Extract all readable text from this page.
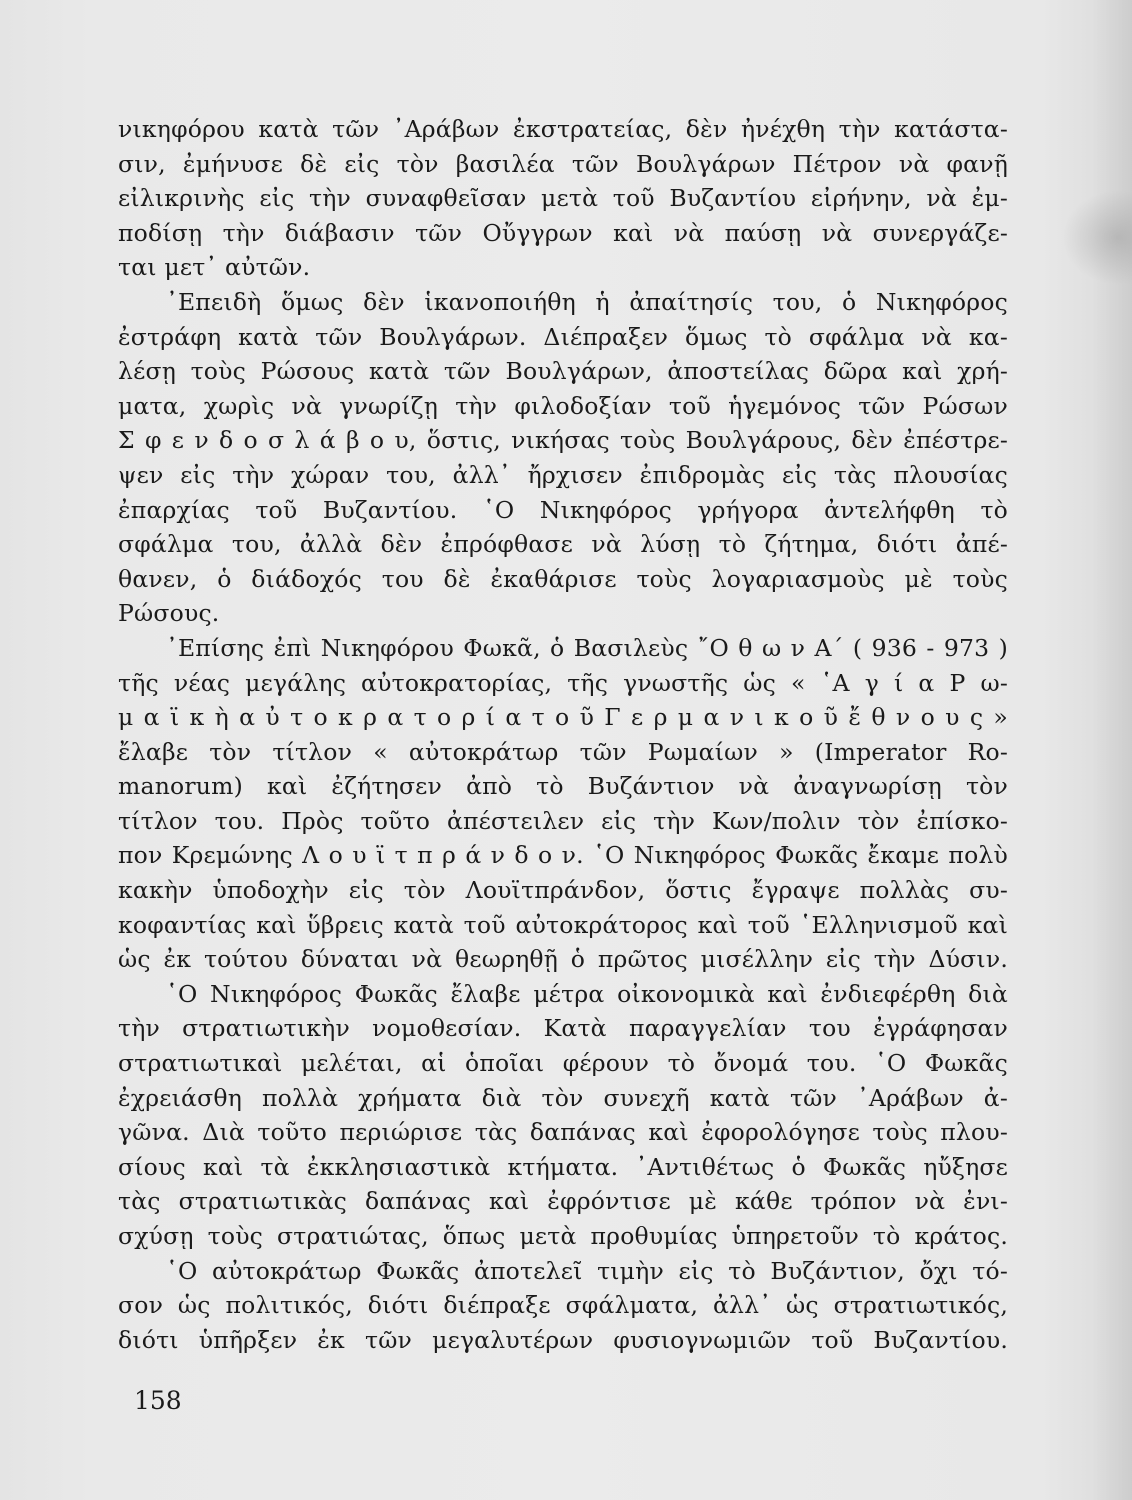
νικηφόρου κατὰ τῶν ᾿Αράβων ἐκστρατείας, δὲν ἠνέχθη τὴν κατάστα-
σιν, ἐμήνυσε δὲ εἰς τὸν βασιλέα τῶν Βουλγάρων Πέτρον νὰ φανῇ
εἰλικρινὴς εἰς τὴν συναφθεῖσαν μετὰ τοῦ Βυζαντίου εἰρήνην, νὰ ἐμ-
ποδίσῃ τὴν διάβασιν τῶν Οὔγγρων καὶ νὰ παύσῃ νὰ συνεργάζε-
ται μετ᾿ αὐτῶν.
᾿Επειδὴ ὅμως δὲν ἱκανοποιήθη ἡ ἀπαίτησίς του, ὁ Νικηφόρος
ἐστράφη κατὰ τῶν Βουλγάρων. Διέπραξεν ὅμως τὸ σφάλμα νὰ κα-
λέσῃ τοὺς Ρώσους κατὰ τῶν Βουλγάρων, ἀποστείλας δῶρα καὶ χρή-
ματα, χωρὶς νὰ γνωρίζῃ τὴν φιλοδοξίαν τοῦ ἡγεμόνος τῶν Ρώσων
Σ φ ε ν δ ο σ λ ά β ο υ, ὅστις, νικήσας τοὺς Βουλγάρους, δὲν ἐπέστρε-
ψεν εἰς τὴν χώραν του, ἀλλ᾿ ἤρχισεν ἐπιδρομὰς εἰς τὰς πλουσίας
ἐπαρχίας τοῦ Βυζαντίου. ῾Ο Νικηφόρος γρήγορα ἀντελήφθη τὸ
σφάλμα του, ἀλλὰ δὲν ἐπρόφθασε νὰ λύσῃ τὸ ζήτημα, διότι ἀπέ-
θανεν, ὁ διάδοχός του δὲ ἐκαθάρισε τοὺς λογαριασμοὺς μὲ τοὺς
Ρώσους.
᾿Επίσης ἐπὶ Νικηφόρου Φωκᾶ, ὁ Βασιλεὺς ῎Ο θ ω ν Α΄ ( 936 - 973 )
τῆς νέας μεγάλης αὐτοκρατορίας, τῆς γνωστῆς ὡς « ῾Α γ ί α Ρ ω-
μ α ϊ κ ὴ α ὐ τ ο κ ρ α τ ο ρ ί α τ ο ῦ Γ ε ρ μ α ν ι κ ο ῦ ἔ θ ν ο υ ς »
ἔλαβε τὸν τίτλον « αὐτοκράτωρ τῶν Ρωμαίων » (Imperator Ro-
manorum) καὶ ἐζήτησεν ἀπὸ τὸ Βυζάντιον νὰ ἀναγνωρίσῃ τὸν
τίτλον του. Πρὸς τοῦτο ἀπέστειλεν εἰς τὴν Κων/πολιν τὸν ἐπίσκο-
πον Κρεμώνης Λ ο υ ϊ τ π ρ ά ν δ ο ν. ῾Ο Νικηφόρος Φωκᾶς ἔκαμε πολὺ
κακὴν ὑποδοχὴν εἰς τὸν Λουϊτπράνδον, ὅστις ἔγραψε πολλὰς συ-
κοφαντίας καὶ ὕβρεις κατὰ τοῦ αὐτοκράτορος καὶ τοῦ ῾Ελληνισμοῦ καὶ
ὡς ἐκ τούτου δύναται νὰ θεωρηθῇ ὁ πρῶτος μισέλλην εἰς τὴν Δύσιν.
῾Ο Νικηφόρος Φωκᾶς ἔλαβε μέτρα οἰκονομικὰ καὶ ἐνδιεφέρθη διὰ
τὴν στρατιωτικὴν νομοθεσίαν. Κατὰ παραγγελίαν του ἐγράφησαν
στρατιωτικαὶ μελέται, αἱ ὁποῖαι φέρουν τὸ ὄνομά του. ῾Ο Φωκᾶς
ἐχρειάσθη πολλὰ χρήματα διὰ τὸν συνεχῆ κατὰ τῶν ᾿Αράβων ἀ-
γῶνα. Διὰ τοῦτο περιώρισε τὰς δαπάνας καὶ ἐφορολόγησε τοὺς πλου-
σίους καὶ τὰ ἐκκλησιαστικὰ κτήματα. ᾿Αντιθέτως ὁ Φωκᾶς ηὔξησε
τὰς στρατιωτικὰς δαπάνας καὶ ἐφρόντισε μὲ κάθε τρόπον νὰ ἐνι-
σχύσῃ τοὺς στρατιώτας, ὅπως μετὰ προθυμίας ὑπηρετοῦν τὸ κράτος.
῾Ο αὐτοκράτωρ Φωκᾶς ἀποτελεῖ τιμὴν εἰς τὸ Βυζάντιον, ὄχι τό-
σον ὡς πολιτικός, διότι διέπραξε σφάλματα, ἀλλ᾿ ὡς στρατιωτικός,
διότι ὑπῆρξεν ἐκ τῶν μεγαλυτέρων φυσιογνωμιῶν τοῦ Βυζαντίου.
158
